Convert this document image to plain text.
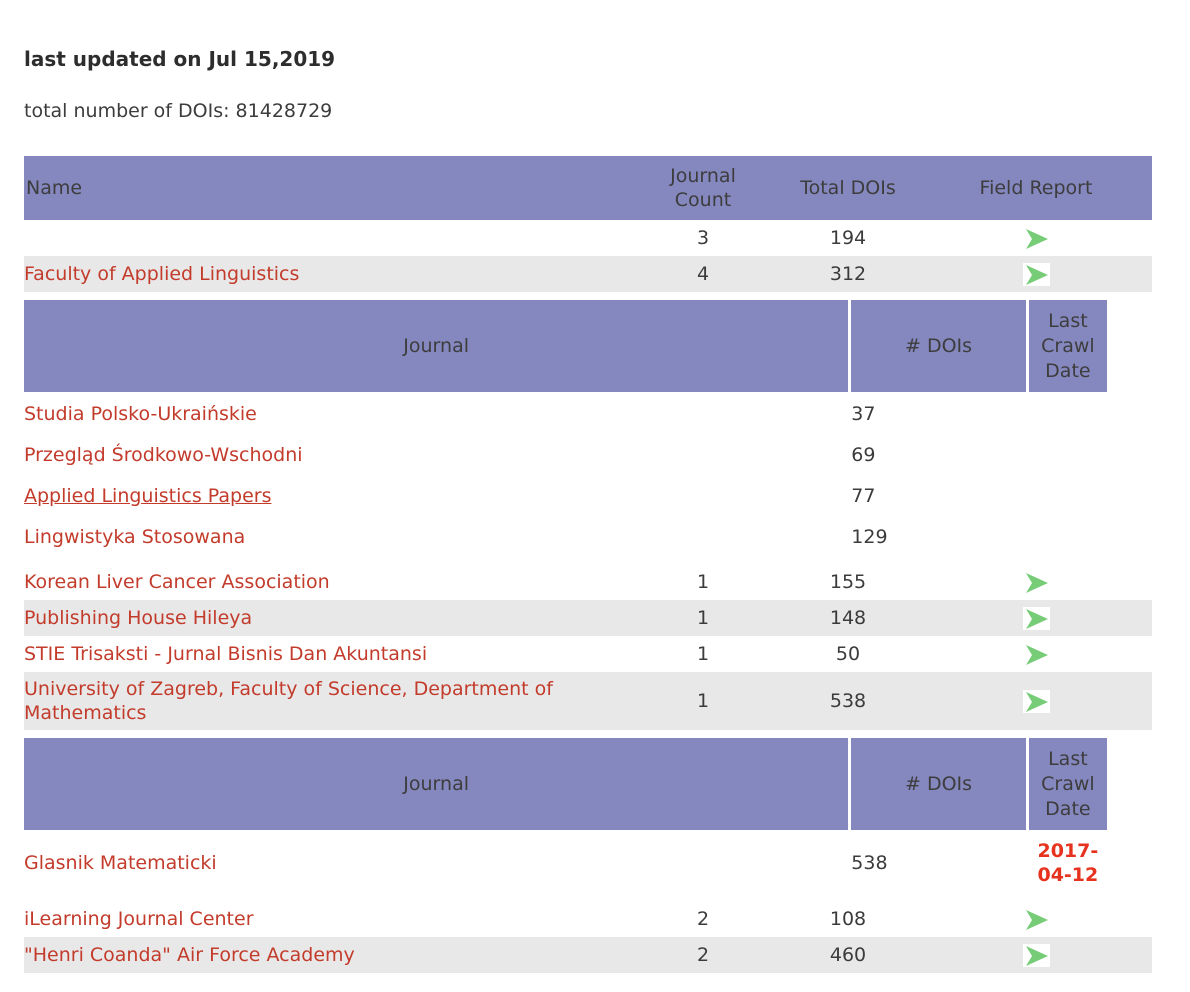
last updated on Jul 15,2019

total number of DOIs: 81428729

Name	Journal Count	Total DOIs	Field Report
	3	194	

Faculty of Applied Linguistics	4	312	

Journal	# DOIs	Last Crawl Date
Studia Polsko-Ukraińskie	37	
Przegląd Środkowo-Wschodni	69	
Applied Linguistics Papers	77	
Lingwistyka Stosowana	129	

Korean Liver Cancer Association	1	155	

Publishing House Hileya	1	148	

STIE Trisaksti - Jurnal Bisnis Dan Akuntansi	1	50	

University of Zagreb, Faculty of Science, Department of Mathematics	1	538	

Journal	# DOIs	Last Crawl Date
Glasnik Matematicki	538	2017-04-12

iLearning Journal Center	2	108	

"Henri Coanda" Air Force Academy	2	460	
